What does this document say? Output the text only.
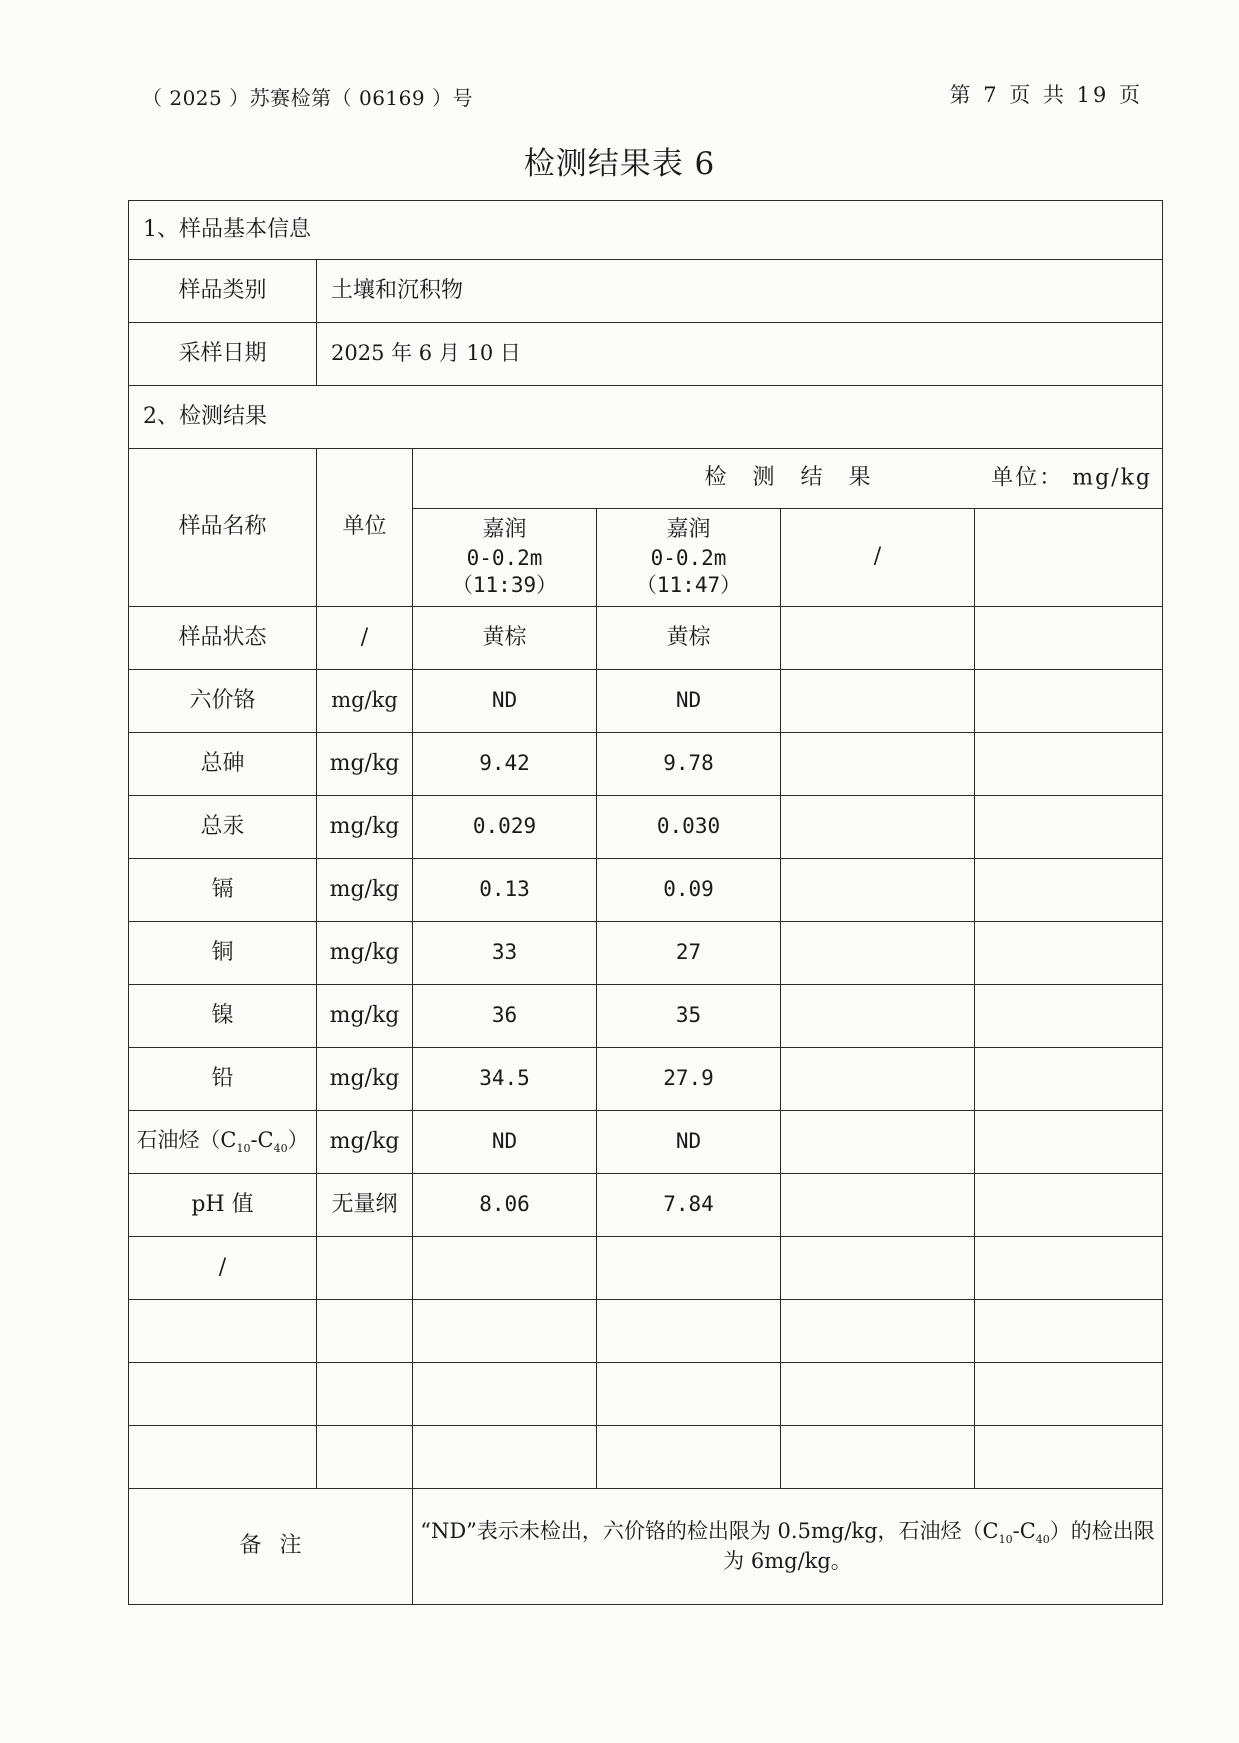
（ 2025 ）苏赛检第（ 06169 ）号	第 7 页 共 19 页
检测结果表 6
1、样品基本信息					
样品类别	土壤和沉积物				
采样日期	2025 年 6 月 10 日				
2、检测结果					
样品名称	单位	检测结果 单位： mg/kg			

		嘉润
0-0.2m
（11:39）	嘉润
0-0.2m
（11:47）	/	
样品状态	/	黄棕	黄棕		
六价铬	mg/kg	ND	ND		
总砷	mg/kg	9.42	9.78		
总汞	mg/kg	0.029	0.030		
镉	mg/kg	0.13	0.09		
铜	mg/kg	33	27		
镍	mg/kg	36	35		
铅	mg/kg	34.5	27.9		
石油烃$(C_{10}-C_{40})$	mg/kg	ND	ND		
pH 值	无量纲	8.06	7.84		
/					

备注		“ND”表示未检出，六价铬的检出限为 0.5mg/kg，石油烃$(C_{10}-C_{40})$的检出限为 6mg/kg。			
